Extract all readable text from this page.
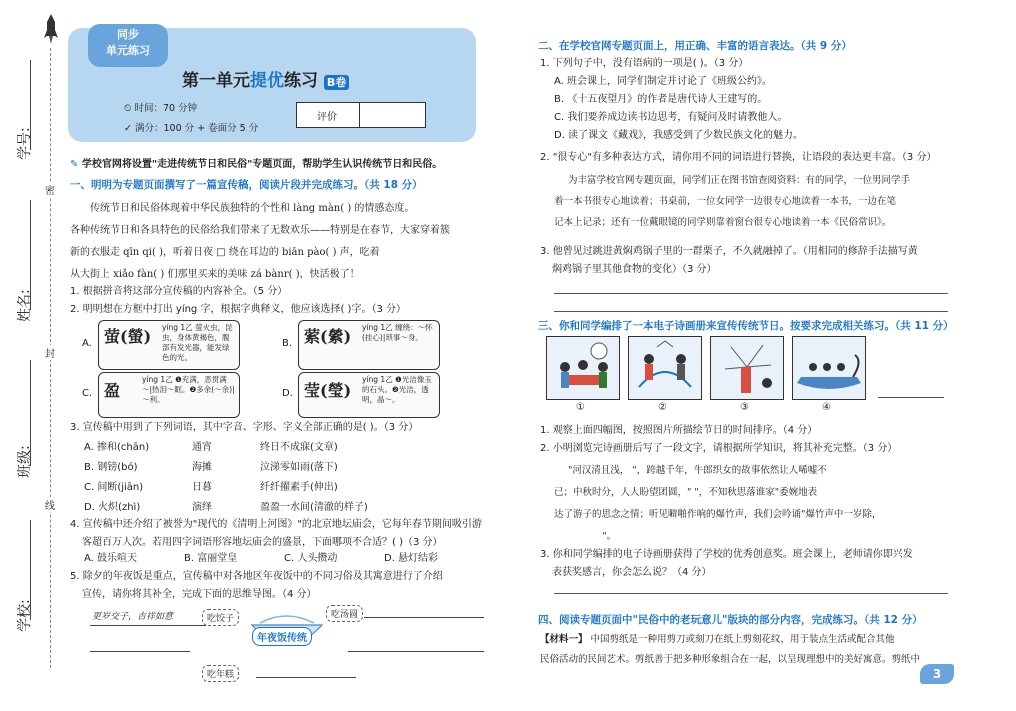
密
封
线
学号:
姓名:
班级:
学校:
同步
单元练习
第一单元提优练习 B卷
⏲ 时间：70 分钟
✓ 满分：100 分 + 卷面分 5 分
评价
✎ 学校官网将设置"走进传统节日和民俗"专题页面，帮助学生认识传统节日和民俗。
一、明明为专题页面撰写了一篇宣传稿，阅读片段并完成练习。（共 18 分）
传统节日和民俗体现着中华民族独特的个性和 làng màn( ) 的情感态度。
各种传统节日和各具特色的民俗给我们带来了无数欢乐——特别是在春节，大家穿着簇
新的衣服走 qīn qi( )，听着日夜 □ 绕在耳边的 biān pào( ) 声，吃着
从大街上 xiǎo fàn( ) 们那里买来的美味 zá bànr( )，快活极了！
1. 根据拼音将这部分宣传稿的内容补全。（5 分）
2. 明明想在方框中打出 yíng 字，根据字典释义，他应该选择( )字。（3 分）
A. 萤(螢) yíng 1乙 萤火虫，昆虫，身体黄褐色，腹部有发光器，能发绿色的光。
B. 萦(縈) yíng 1乙 缠绕：～怀(挂心)|琐事～身。
C. 盈
yíng 1乙 ❶充满，恶贯满～|热泪～眶。❷多余(～余)|～利。
D. 莹(瑩)
yíng 1乙 ❶光洁像玉的石头。❷光洁，透明，晶～。
3. 宣传稿中用到了下列词语，其中字音、字形、字义全部正确的是( )。（3 分）
A. 掺和(chān)	通宵	终日不成寐(文章)
B. 钢镑(bó)	海摊	泣涕零如雨(落下)
C. 间断(jiān)	日暮	纤纤擢素手(伸出)
D. 火炽(zhì)	演绎	盈盈一水间(清澈的样子)
4. 宣传稿中还介绍了被誉为"现代的《清明上河图》"的北京地坛庙会，它每年春节期间吸引游
客超百万人次。若用四字词语形容地坛庙会的盛景，下面哪项不合适？( )（3 分）
A. 鼓乐喧天	B. 富丽堂皇	C. 人头攒动	D. 悬灯结彩
5. 除夕的年夜饭是重点，宣传稿中对各地区年夜饭中的不同习俗及其寓意进行了介绍
宣传，请你将其补全，完成下面的思维导图。（4 分）
更岁交子，吉祥如意	吃饺子
年夜饭传统
吃汤圆
吃年糕
二、在学校官网专题页面上，用正确、丰富的语言表达。（共 9 分）
1. 下列句子中，没有语病的一项是( )。（3 分）
A. 班会课上，同学们制定并讨论了《班级公约》。
B. 《十五夜望月》的作者是唐代诗人王建写的。
C. 我们要养成边读书边思考，有疑问及时请教他人。
D. 读了课文《藏戏》，我感受到了少数民族文化的魅力。
2. "很专心"有多种表达方式，请你用不同的词语进行替换，让语段的表达更丰富。（3 分）
为丰富学校官网专题页面，同学们正在图书馆查阅资料：有的同学，一位男同学手
着一本书很专心地读着；书桌前，一位女同学一边很专心地读着一本书，一边在笔
记本上记录；还有一位戴眼镜的同学则靠着窗台很专心地读着一本《民俗常识》。
3. 他曾见过跳进黄焖鸡锅子里的一群栗子，不久就融掉了。（用相同的修辞手法描写黄
焖鸡锅子里其他食物的变化）（3 分）
三、你和同学编排了一本电子诗画册来宣传传统节日。按要求完成相关练习。（共 11 分）
①	②	③	④
1. 观察上面四幅图，按照图片所描绘节日的时间排序。（4 分）
2. 小明浏览完诗画册后写了一段文字，请根据所学知识，将其补充完整。（3 分）
"河汉清且浅， "，跨越千年，牛郎织女的故事依然让人唏嘘不
已；中秋时分，人人盼望团圆，" "，不知秋思落谁家"委婉地表
达了游子的思念之情；听见噼啪作响的爆竹声，我们会吟诵"爆竹声中一岁除，
"。
3. 你和同学编排的电子诗画册获得了学校的优秀创意奖。班会课上，老师请你即兴发
表获奖感言，你会怎么说？（4 分）
四、阅读专题页面中"民俗中的老玩意儿"版块的部分内容，完成练习。（共 12 分）
【材料一】 中国剪纸是一种用剪刀或刻刀在纸上剪刻花纹，用于装点生活或配合其他
民俗活动的民间艺术。剪纸善于把多种形象组合在一起，以呈现理想中的美好寓意。剪纸中
3
